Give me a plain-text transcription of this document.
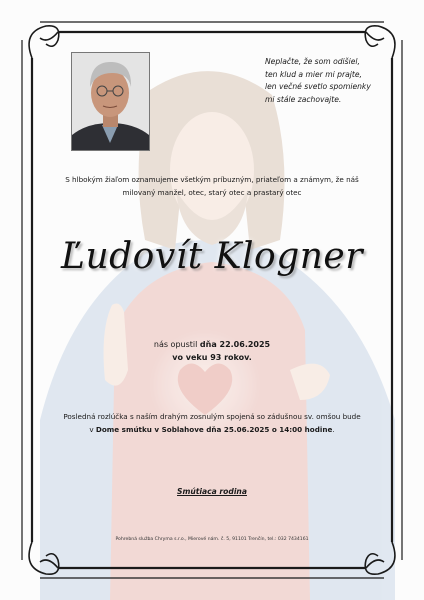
Neplačte, že som odišiel,
ten klud a mier mi prajte,
len večné svetlo spomienky
mi stále zachovajte.
S hlbokým žiaľom oznamujeme všetkým príbuzným, priateľom a známym, že náš
milovaný manžel, otec, starý otec a prastarý otec
Ľudovít Klogner
nás opustil dňa 22.06.2025
vo veku 93 rokov.
Posledná rozlúčka s naším drahým zosnulým spojená so zádušnou sv. omšou bude
v Dome smútku v Soblahove dňa 25.06.2025 o 14:00 hodine.
Smútiaca rodina
Pohrebná služba Chryma s.r.o., Mierové nám. č. 5, 91101 Trenčín, tel.: 032 7434161
